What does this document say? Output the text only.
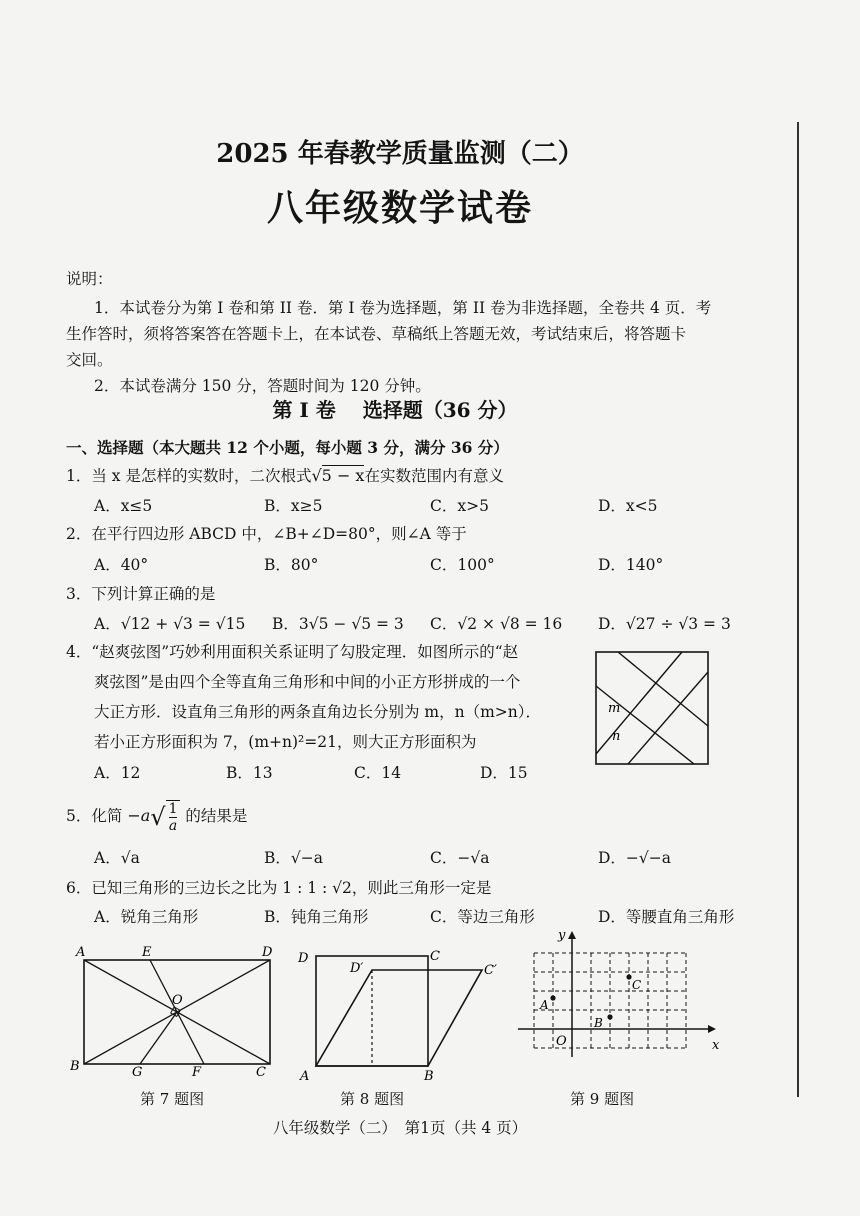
2025 年春教学质量监测（二）
八年级数学试卷
说明：
1．本试卷分为第 I 卷和第 II 卷．第 I 卷为选择题，第 II 卷为非选择题，全卷共 4 页．考
生作答时，须将答案答在答题卡上，在本试卷、草稿纸上答题无效，考试结束后，将答题卡
交回。
2．本试卷满分 150 分，答题时间为 120 分钟。
第 I 卷　 选择题（36 分）
一、选择题（本大题共 12 个小题，每小题 3 分，满分 36 分）
1．当 x 是怎样的实数时，二次根式√5 − x在实数范围内有意义
A．x≤5	B．x≥5	C．x>5	D．x<5
2．在平行四边形 ABCD 中，∠B+∠D=80°，则∠A 等于
A．40°	B．80°	C．100°	D．140°
3．下列计算正确的是
A．√12 + √3 = √15 B．3√5 − √5 = 3 C．√2 × √8 = 16 D．√27 ÷ √3 = 3
4．“赵爽弦图”巧妙利用面积关系证明了勾股定理．如图所示的“赵
爽弦图”是由四个全等直角三角形和中间的小正方形拼成的一个
大正方形．设直角三角形的两条直角边长分别为 m，n（m>n）．
若小正方形面积为 7，(m+n)²=21，则大正方形面积为
A．12	B．13	C．14	D．15
m
n
5．化简 $-a√ \frac{1}{a}$ 的结果是
A．√a	B．√−a	C．−√a	D．−√−a
6．已知三角形的三边长之比为 1 : 1 : √2，则此三角形一定是
A．锐角三角形	B．钝角三角形	C．等边三角形	D．等腰直角三角形
A	E	D
O
B	G	F	C
第 7 题图
D
D′
C
C′
A	B
第 8 题图
y
x
O
A
B
C
第 9 题图
八年级数学（二）　第1页（共 4 页）
